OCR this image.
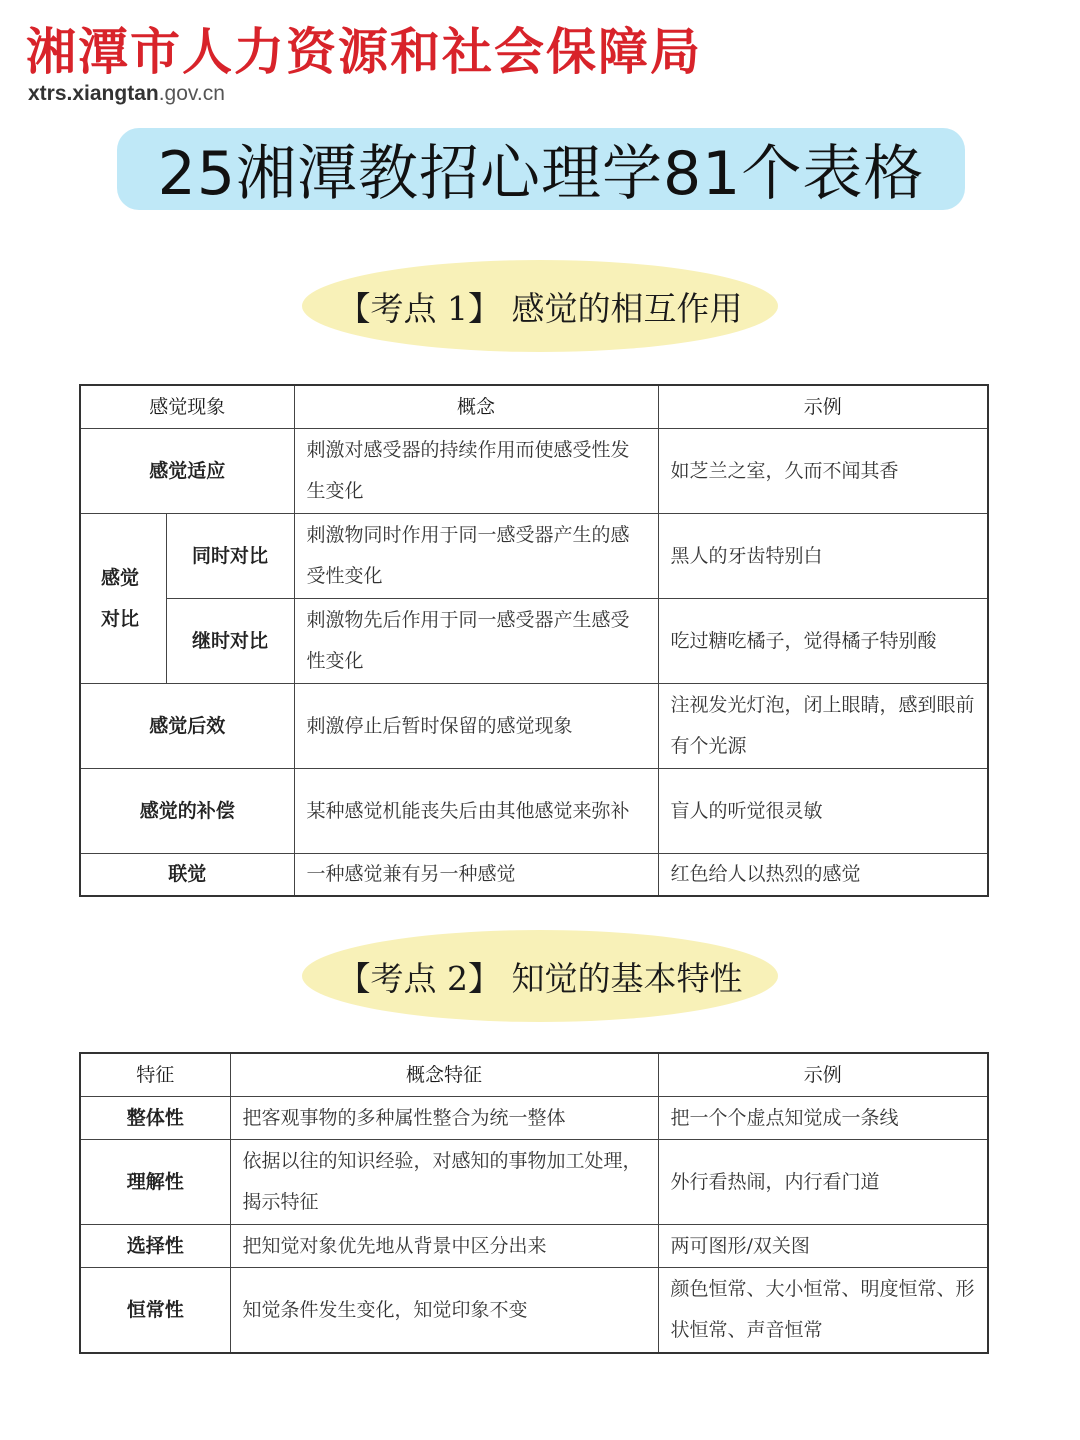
湘潭市人力资源和社会保障局
xtrs.xiangtan.gov.cn
25湘潭教招心理学81个表格
【考点 1】 感觉的相互作用
感觉现象		概念	示例
感觉适应		刺激对感受器的持续作用而使感受性发生变化	如芝兰之室，久而不闻其香
感觉对比	同时对比	刺激物同时作用于同一感受器产生的感受性变化	黑人的牙齿特别白
	继时对比	刺激物先后作用于同一感受器产生感受性变化	吃过糖吃橘子，觉得橘子特别酸
感觉后效		刺激停止后暂时保留的感觉现象	注视发光灯泡，闭上眼睛，感到眼前有个光源
感觉的补偿		某种感觉机能丧失后由其他感觉来弥补	盲人的听觉很灵敏
联觉		一种感觉兼有另一种感觉	红色给人以热烈的感觉
【考点 2】 知觉的基本特性
特征	概念特征	示例
整体性	把客观事物的多种属性整合为统一整体	把一个个虚点知觉成一条线
理解性	依据以往的知识经验，对感知的事物加工处理，揭示特征	外行看热闹，内行看门道
选择性	把知觉对象优先地从背景中区分出来	两可图形/双关图
恒常性	知觉条件发生变化，知觉印象不变	颜色恒常、大小恒常、明度恒常、形状恒常、声音恒常
